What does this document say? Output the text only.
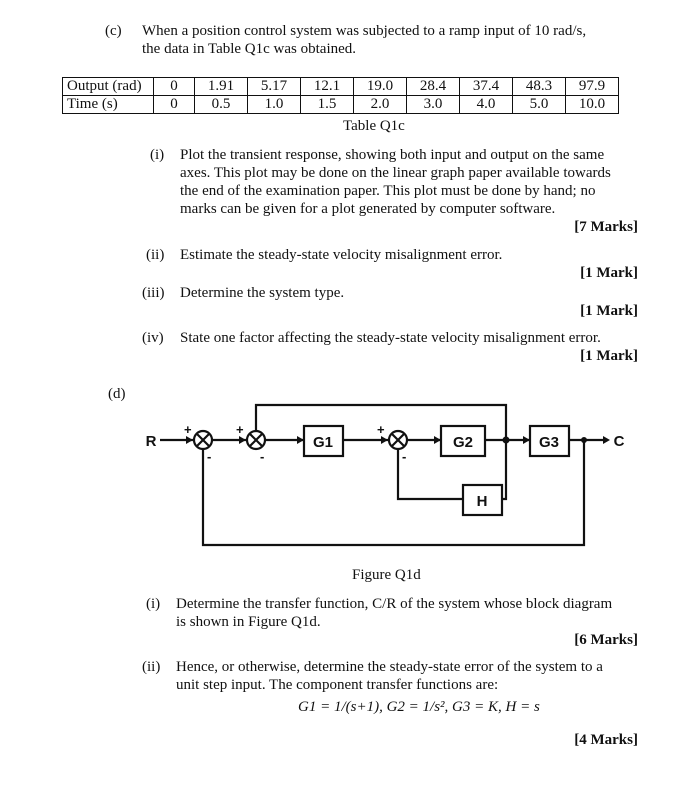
(c) When a position control system was subjected to a ramp input of 10 rad/s,
the data in Table Q1c was obtained.
Output (rad)	0	1.91	5.17	12.1	19.0	28.4	37.4	48.3	97.9
Time (s)	0	0.5	1.0	1.5	2.0	3.0	4.0	5.0	10.0
Table Q1c
(i) Plot the transient response, showing both input and output on the same
axes. This plot may be done on the linear graph paper available towards
the end of the examination paper. This plot must be done by hand; no
marks can be given for a plot generated by computer software.
[7 Marks]
(ii) Estimate the steady-state velocity misalignment error.
[1 Mark]
(iii) Determine the system type.
[1 Mark]
(iv) State one factor affecting the steady-state velocity misalignment error.
[1 Mark]
(d)
+	+	+
-	-	-
R	C
G1	G2	G3
H
Figure Q1d
(i) Determine the transfer function, C/R of the system whose block diagram
is shown in Figure Q1d.
[6 Marks]
(ii) Hence, or otherwise, determine the steady-state error of the system to a
unit step input. The component transfer functions are:
G1 = 1/(s+1), G2 = 1/s², G3 = K, H = s
[4 Marks]
